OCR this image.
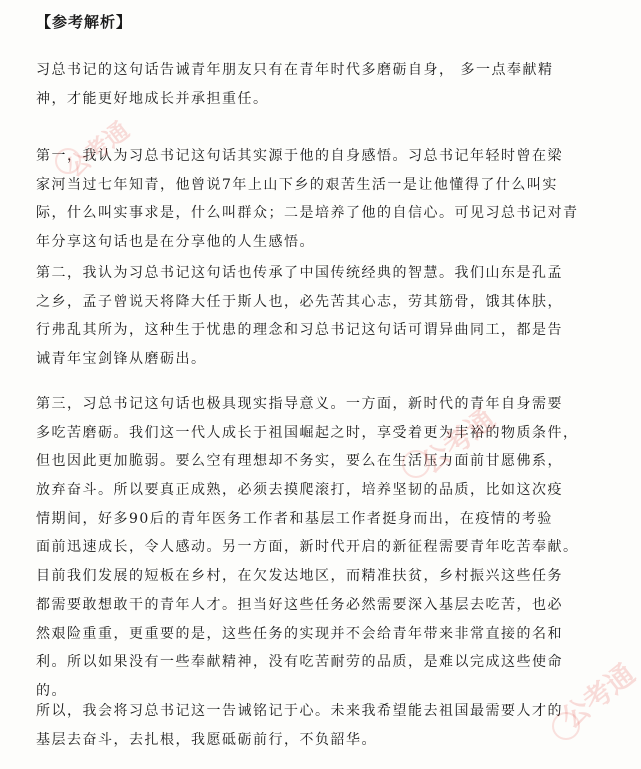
【参考解析】
习总书记的这句话告诫青年朋友只有在青年时代多磨砺自身， 多一点奉献精
神，才能更好地成长并承担重任。
第一，我认为习总书记这句话其实源于他的自身感悟。习总书记年轻时曾在梁
家河当过七年知青，他曾说7年上山下乡的艰苦生活一是让他懂得了什么叫实
际，什么叫实事求是，什么叫群众；二是培养了他的自信心。可见习总书记对青
年分享这句话也是在分享他的人生感悟。
第二，我认为习总书记这句话也传承了中国传统经典的智慧。我们山东是孔孟
之乡，孟子曾说天将降大任于斯人也，必先苦其心志，劳其筋骨，饿其体肤，
行弗乱其所为，这种生于忧患的理念和习总书记这句话可谓异曲同工，都是告
诫青年宝剑锋从磨砺出。
第三，习总书记这句话也极具现实指导意义。一方面，新时代的青年自身需要
多吃苦磨砺。我们这一代人成长于祖国崛起之时，享受着更为丰裕的物质条件，
但也因此更加脆弱。要么空有理想却不务实，要么在生活压力面前甘愿佛系，
放弃奋斗。所以要真正成熟，必须去摸爬滚打，培养坚韧的品质，比如这次疫
情期间，好多90后的青年医务工作者和基层工作者挺身而出，在疫情的考验
面前迅速成长，令人感动。另一方面，新时代开启的新征程需要青年吃苦奉献。
目前我们发展的短板在乡村，在欠发达地区，而精准扶贫，乡村振兴这些任务
都需要敢想敢干的青年人才。担当好这些任务必然需要深入基层去吃苦，也必
然艰险重重，更重要的是，这些任务的实现并不会给青年带来非常直接的名和
利。所以如果没有一些奉献精神，没有吃苦耐劳的品质，是难以完成这些使命
的。
所以，我会将习总书记这一告诫铭记于心。未来我希望能去祖国最需要人才的
基层去奋斗，去扎根，我愿砥砺前行，不负韶华。
公考通
公考通
公考通
